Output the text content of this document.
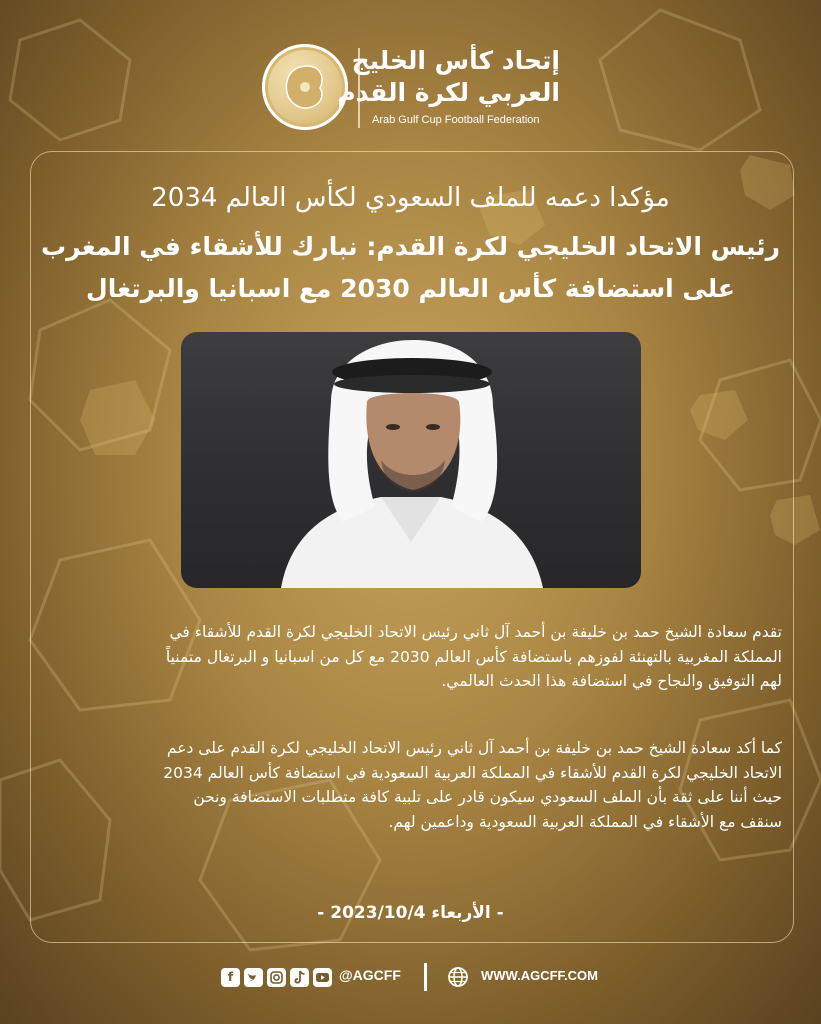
إتحاد كأس الخليج
العربي لكرة القدم
Arab Gulf Cup Football Federation
مؤكدا دعمه للملف السعودي لكأس العالم 2034
رئيس الاتحاد الخليجي لكرة القدم: نبارك للأشقاء في المغرب
على استضافة كأس العالم 2030 مع اسبانيا والبرتغال
تقدم سعادة الشيخ حمد بن خليفة بن أحمد آل ثاني رئيس الاتحاد الخليجي لكرة القدم للأشقاء في
المملكة المغربية بالتهنئة لفوزهم باستضافة كأس العالم 2030 مع كل من اسبانيا و البرتغال متمنياً
لهم التوفيق والنجاح في استضافة هذا الحدث العالمي.
كما أكد سعادة الشيخ حمد بن خليفة بن أحمد آل ثاني رئيس الاتحاد الخليجي لكرة القدم على دعم
الاتحاد الخليجي لكرة القدم للأشقاء في المملكة العربية السعودية في استضافة كأس العالم 2034
حيث أننا على ثقة بأن الملف السعودي سيكون قادر على تلبية كافة متطلبات الاستضافة ونحن
سنقف مع الأشقاء في المملكة العربية السعودية وداعمين لهم.
- الأربعاء 2023/10/4 -
f	@AGCFF	WWW.AGCFF.COM
